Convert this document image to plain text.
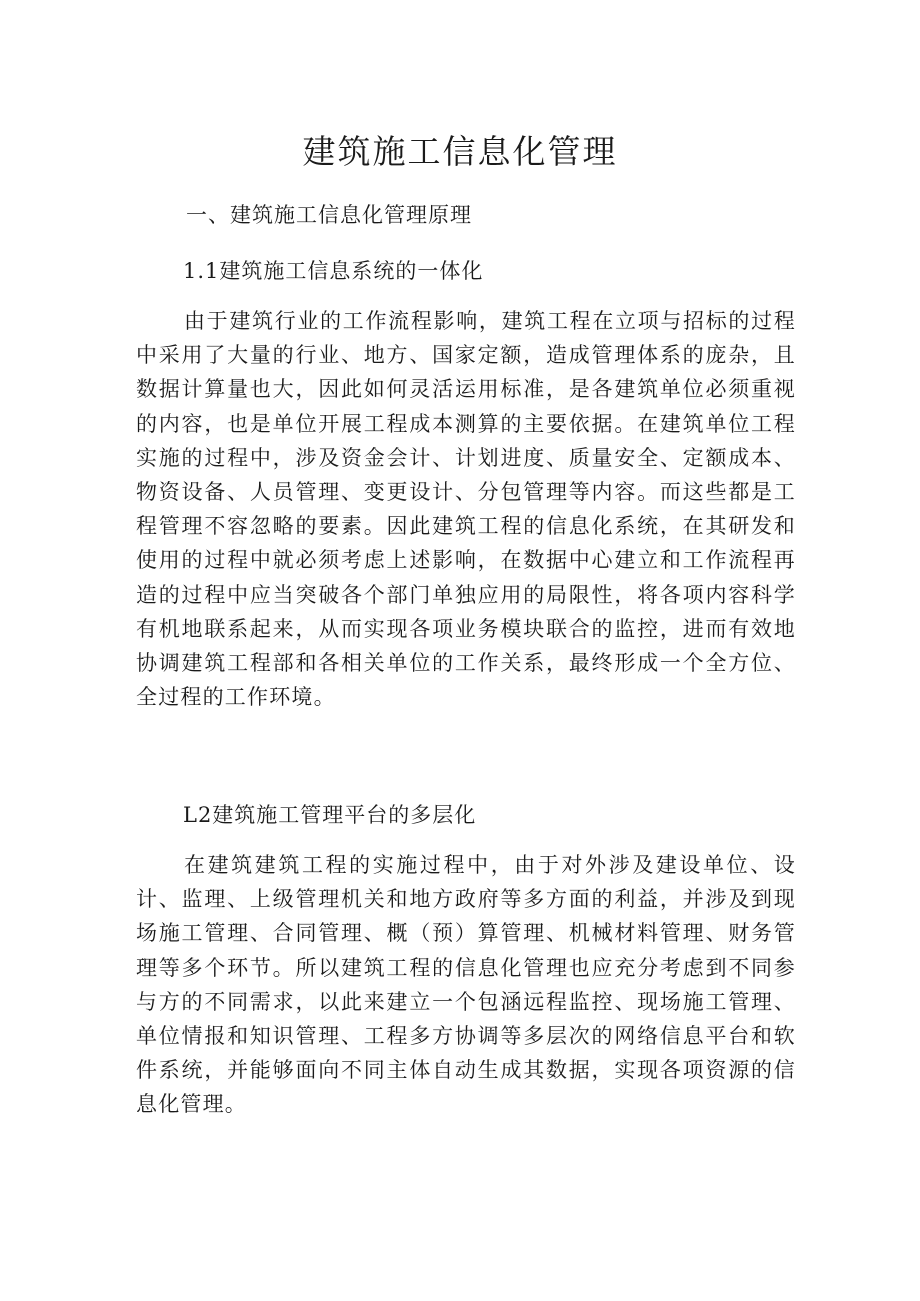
建筑施工信息化管理
一、建筑施工信息化管理原理
1.1建筑施工信息系统的一体化

由于建筑行业的工作流程影响，建筑工程在立项与招标的过程中采用了大量的行业、地方、国家定额，造成管理体系的庞杂，且数据计算量也大，因此如何灵活运用标准，是各建筑单位必须重视的内容，也是单位开展工程成本测算的主要依据。在建筑单位工程实施的过程中，涉及资金会计、计划进度、质量安全、定额成本、物资设备、人员管理、变更设计、分包管理等内容。而这些都是工程管理不容忽略的要素。因此建筑工程的信息化系统，在其研发和使用的过程中就必须考虑上述影响，在数据中心建立和工作流程再造的过程中应当突破各个部门单独应用的局限性，将各项内容科学有机地联系起来，从而实现各项业务模块联合的监控，进而有效地协调建筑工程部和各相关单位的工作关系，最终形成一个全方位、全过程的工作环境。

L2建筑施工管理平台的多层化

在建筑建筑工程的实施过程中，由于对外涉及建设单位、设计、监理、上级管理机关和地方政府等多方面的利益，并涉及到现场施工管理、合同管理、概（预）算管理、机械材料管理、财务管理等多个环节。所以建筑工程的信息化管理也应充分考虑到不同参与方的不同需求，以此来建立一个包涵远程监控、现场施工管理、单位情报和知识管理、工程多方协调等多层次的网络信息平台和软件系统，并能够面向不同主体自动生成其数据，实现各项资源的信息化管理。
